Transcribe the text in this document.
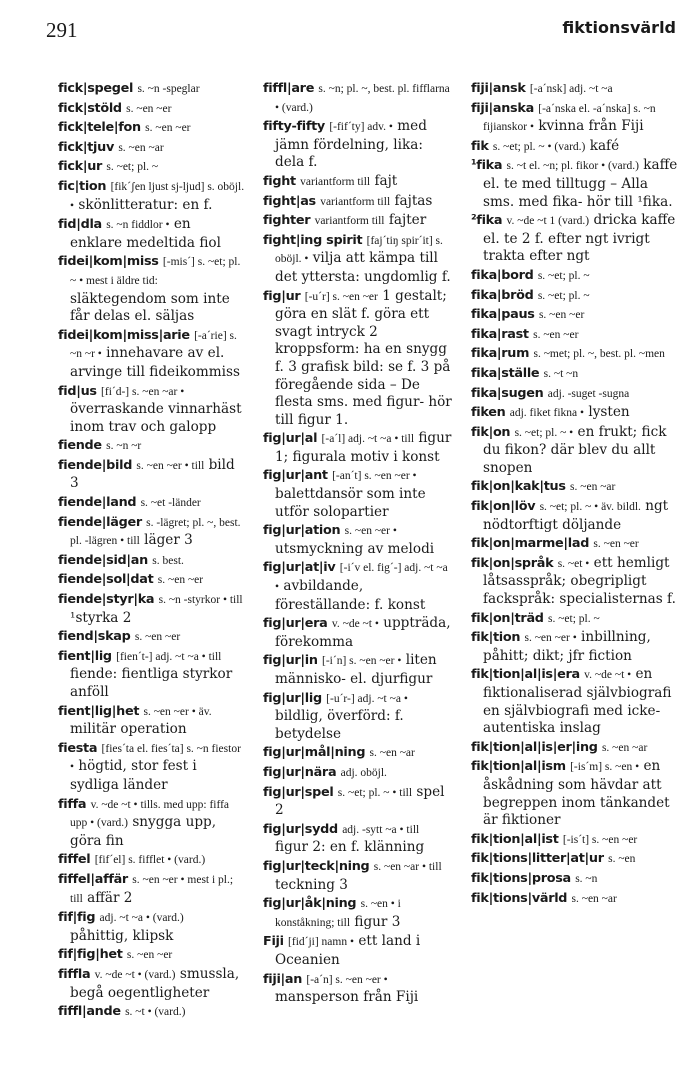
291	fiktionsvärld

fick|spegel s. ~n -speglar

fick|stöld s. ~en ~er

fick|tele|fon s. ~en ~er

fick|tjuv s. ~en ~ar

fick|ur s. ~et; pl. ~

fic|tion [fik´ʃen ljust sj-ljud] s. oböjl. • skönlitteratur: en f.

fid|dla s. ~n fiddlor • en enklare medeltida fiol

fidei|kom|miss [-mis´] s. ~et; pl. ~ • mest i äldre tid: släktegendom som inte får delas el. säljas

fidei|kom|miss|arie [-a´rie] s. ~n ~r • innehavare av el. arvinge till fideikommiss

fid|us [fi´d-] s. ~en ~ar • överraskande vinnarhäst inom trav och galopp

fiende s. ~n ~r

fiende|bild s. ~en ~er • till bild 3

fiende|land s. ~et -länder

fiende|läger s. -lägret; pl. ~, best. pl. -lägren • till läger 3

fiende|sid|an s. best.

fiende|sol|dat s. ~en ~er

fiende|styr|ka s. ~n -styrkor • till ¹styrka 2

fiend|skap s. ~en ~er

fient|lig [fien´t-] adj. ~t ~a • till fiende: fientliga styrkor anföll

fient|lig|het s. ~en ~er • äv. militär operation

fiesta [fies´ta el. fies´ta] s. ~n fiestor • högtid, stor fest i sydliga länder

fiffa v. ~de ~t • tills. med upp: fiffa upp • (vard.) snygga upp, göra fin

fiffel [fif´el] s. fifflet • (vard.)

fiffel|affär s. ~en ~er • mest i pl.; till affär 2

fif|fig adj. ~t ~a • (vard.) påhittig, klipsk

fif|fig|het s. ~en ~er

fiffla v. ~de ~t • (vard.) smussla, begå oegentligheter

fiffl|ande s. ~t • (vard.)

fiffl|are s. ~n; pl. ~, best. pl. fifflarna • (vard.)

fifty-fifty [-fif´ty] adv. • med jämn fördelning, lika: dela f.

fight variantform till fajt

fight|as variantform till fajtas

fighter variantform till fajter

fight|ing spirit [faj´tiŋ spir´it] s. oböjl. • vilja att kämpa till det yttersta: ungdomlig f.

fig|ur [-u´r] s. ~en ~er 1 gestalt; göra en slät f. göra ett svagt intryck 2 kroppsform: ha en snygg f. 3 grafisk bild: se f. 3 på föregående sida – De flesta sms. med figur- hör till figur 1.

fig|ur|al [-a´l] adj. ~t ~a • till figur 1; figurala motiv i konst

fig|ur|ant [-an´t] s. ~en ~er • balettdansör som inte utför solopartier

fig|ur|ation s. ~en ~er • utsmyckning av melodi

fig|ur|at|iv [-i´v el. fig´-] adj. ~t ~a • avbildande, föreställande: f. konst

fig|ur|era v. ~de ~t • uppträda, förekomma

fig|ur|in [-i´n] s. ~en ~er • liten människo- el. djurfigur

fig|ur|lig [-u´r-] adj. ~t ~a • bildlig, överförd: f. betydelse

fig|ur|mål|ning s. ~en ~ar

fig|ur|nära adj. oböjl.

fig|ur|spel s. ~et; pl. ~ • till spel 2

fig|ur|sydd adj. -sytt ~a • till figur 2: en f. klänning

fig|ur|teck|ning s. ~en ~ar • till teckning 3

fig|ur|åk|ning s. ~en • i konståkning; till figur 3

Fiji [fid´ji] namn • ett land i Oceanien

fiji|an [-a´n] s. ~en ~er • mansperson från Fiji

fiji|ansk [-a´nsk] adj. ~t ~a

fiji|anska [-a´nska el. -a´nska] s. ~n fijianskor • kvinna från Fiji

fik s. ~et; pl. ~ • (vard.) kafé

¹fika s. ~t el. ~n; pl. fikor • (vard.) kaffe el. te med tilltugg – Alla sms. med fika- hör till ¹fika.

²fika v. ~de ~t 1 (vard.) dricka kaffe el. te 2 f. efter ngt ivrigt trakta efter ngt

fika|bord s. ~et; pl. ~

fika|bröd s. ~et; pl. ~

fika|paus s. ~en ~er

fika|rast s. ~en ~er

fika|rum s. ~met; pl. ~, best. pl. ~men

fika|ställe s. ~t ~n

fika|sugen adj. -suget -sugna

fiken adj. fiket fikna • lysten

fik|on s. ~et; pl. ~ • en frukt; fick du fikon? där blev du allt snopen

fik|on|kak|tus s. ~en ~ar

fik|on|löv s. ~et; pl. ~ • äv. bildl. ngt nödtorftigt döljande

fik|on|marme|lad s. ~en ~er

fik|on|språk s. ~et • ett hemligt låtsasspråk; obegripligt fackspråk: specialisternas f.

fik|on|träd s. ~et; pl. ~

fik|tion s. ~en ~er • inbillning, påhitt; dikt; jfr fiction

fik|tion|al|is|era v. ~de ~t • en fiktionaliserad självbiografi en självbiografi med icke-autentiska inslag

fik|tion|al|is|er|ing s. ~en ~ar

fik|tion|al|ism [-is´m] s. ~en • en åskådning som hävdar att begreppen inom tänkandet är fiktioner

fik|tion|al|ist [-is´t] s. ~en ~er

fik|tions|litter|at|ur s. ~en

fik|tions|prosa s. ~n

fik|tions|värld s. ~en ~ar
